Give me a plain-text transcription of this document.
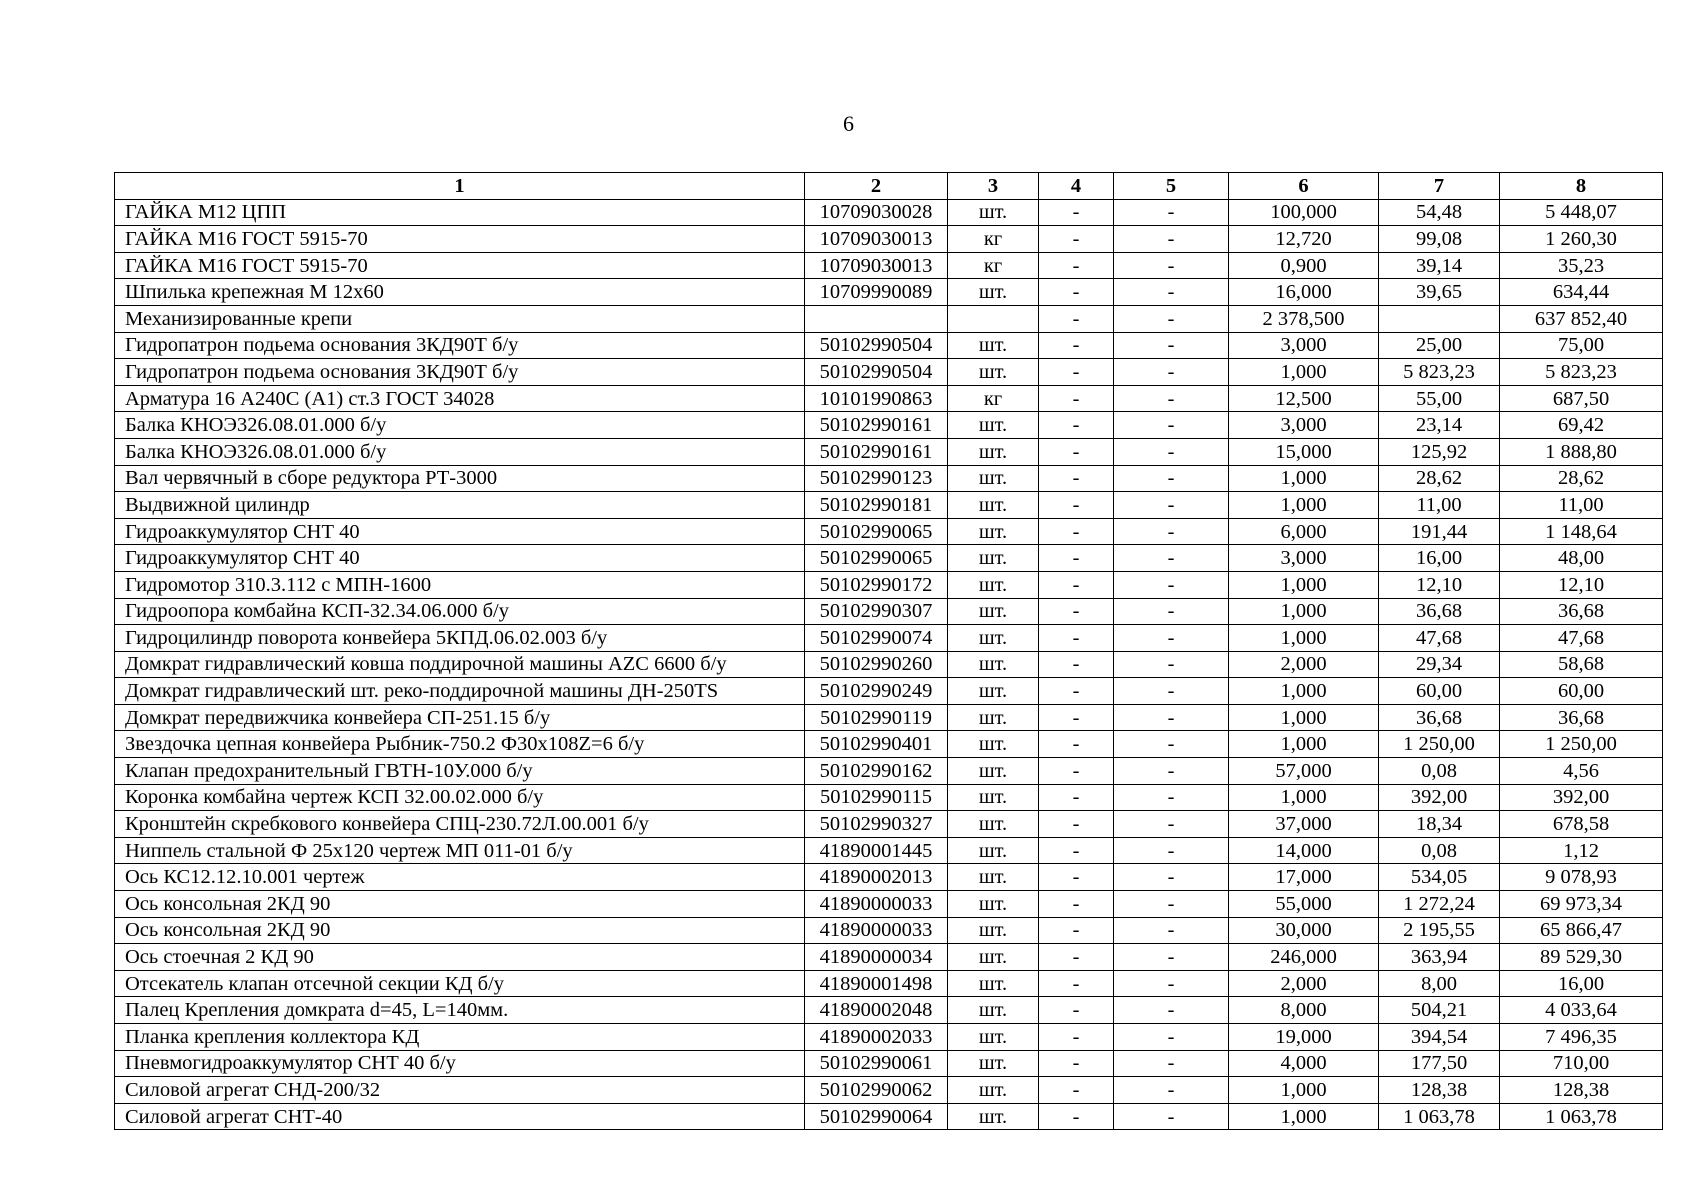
6
1	2	3	4	5	6	7	8
ГАЙКА М12 ЦПП	10709030028	шт.	-	-	100,000	54,48	5 448,07
ГАЙКА М16 ГОСТ 5915-70	10709030013	кг	-	-	12,720	99,08	1 260,30
ГАЙКА М16 ГОСТ 5915-70	10709030013	кг	-	-	0,900	39,14	35,23
Шпилька крепежная М 12х60	10709990089	шт.	-	-	16,000	39,65	634,44
Механизированные крепи			-	-	2 378,500		637 852,40
Гидропатрон подьема основания 3КД90Т б/у	50102990504	шт.	-	-	3,000	25,00	75,00
Гидропатрон подьема основания 3КД90Т б/у	50102990504	шт.	-	-	1,000	5 823,23	5 823,23
Арматура 16 А240С (А1) ст.3 ГОСТ 34028	10101990863	кг	-	-	12,500	55,00	687,50
Балка КНОЭ326.08.01.000 б/у	50102990161	шт.	-	-	3,000	23,14	69,42
Балка КНОЭ326.08.01.000 б/у	50102990161	шт.	-	-	15,000	125,92	1 888,80
Вал червячный в сборе редуктора РТ-3000	50102990123	шт.	-	-	1,000	28,62	28,62
Выдвижной цилиндр	50102990181	шт.	-	-	1,000	11,00	11,00
Гидроаккумулятор СНТ 40	50102990065	шт.	-	-	6,000	191,44	1 148,64
Гидроаккумулятор СНТ 40	50102990065	шт.	-	-	3,000	16,00	48,00
Гидромотор 310.3.112 с МПН-1600	50102990172	шт.	-	-	1,000	12,10	12,10
Гидроопора комбайна КСП-32.34.06.000 б/у	50102990307	шт.	-	-	1,000	36,68	36,68
Гидроцилиндр поворота конвейера 5КПД.06.02.003 б/у	50102990074	шт.	-	-	1,000	47,68	47,68
Домкрат гидравлический ковша поддирочной машины AZC 6600 б/у	50102990260	шт.	-	-	2,000	29,34	58,68
Домкрат гидравлический шт. реко-поддирочной машины ДН-250TS	50102990249	шт.	-	-	1,000	60,00	60,00
Домкрат передвижчика конвейера СП-251.15 б/у	50102990119	шт.	-	-	1,000	36,68	36,68
Звездочка цепная конвейера Рыбник-750.2 Ф30х108Z=6 б/у	50102990401	шт.	-	-	1,000	1 250,00	1 250,00
Клапан предохранительный ГВТН-10У.000 б/у	50102990162	шт.	-	-	57,000	0,08	4,56
Коронка комбайна чертеж КСП 32.00.02.000 б/у	50102990115	шт.	-	-	1,000	392,00	392,00
Кронштейн скребкового конвейера СПЦ-230.72Л.00.001 б/у	50102990327	шт.	-	-	37,000	18,34	678,58
Ниппель стальной Ф 25х120 чертеж МП 011-01 б/у	41890001445	шт.	-	-	14,000	0,08	1,12
Ось КС12.12.10.001 чертеж	41890002013	шт.	-	-	17,000	534,05	9 078,93
Ось консольная 2КД 90	41890000033	шт.	-	-	55,000	1 272,24	69 973,34
Ось консольная 2КД 90	41890000033	шт.	-	-	30,000	2 195,55	65 866,47
Ось стоечная 2 КД 90	41890000034	шт.	-	-	246,000	363,94	89 529,30
Отсекатель клапан отсечной секции КД б/у	41890001498	шт.	-	-	2,000	8,00	16,00
Палец Крепления домкрата d=45, L=140мм.	41890002048	шт.	-	-	8,000	504,21	4 033,64
Планка крепления коллектора КД	41890002033	шт.	-	-	19,000	394,54	7 496,35
Пневмогидроаккумулятор СНТ 40 б/у	50102990061	шт.	-	-	4,000	177,50	710,00
Силовой агрегат СНД-200/32	50102990062	шт.	-	-	1,000	128,38	128,38
Силовой агрегат СНТ-40	50102990064	шт.	-	-	1,000	1 063,78	1 063,78
